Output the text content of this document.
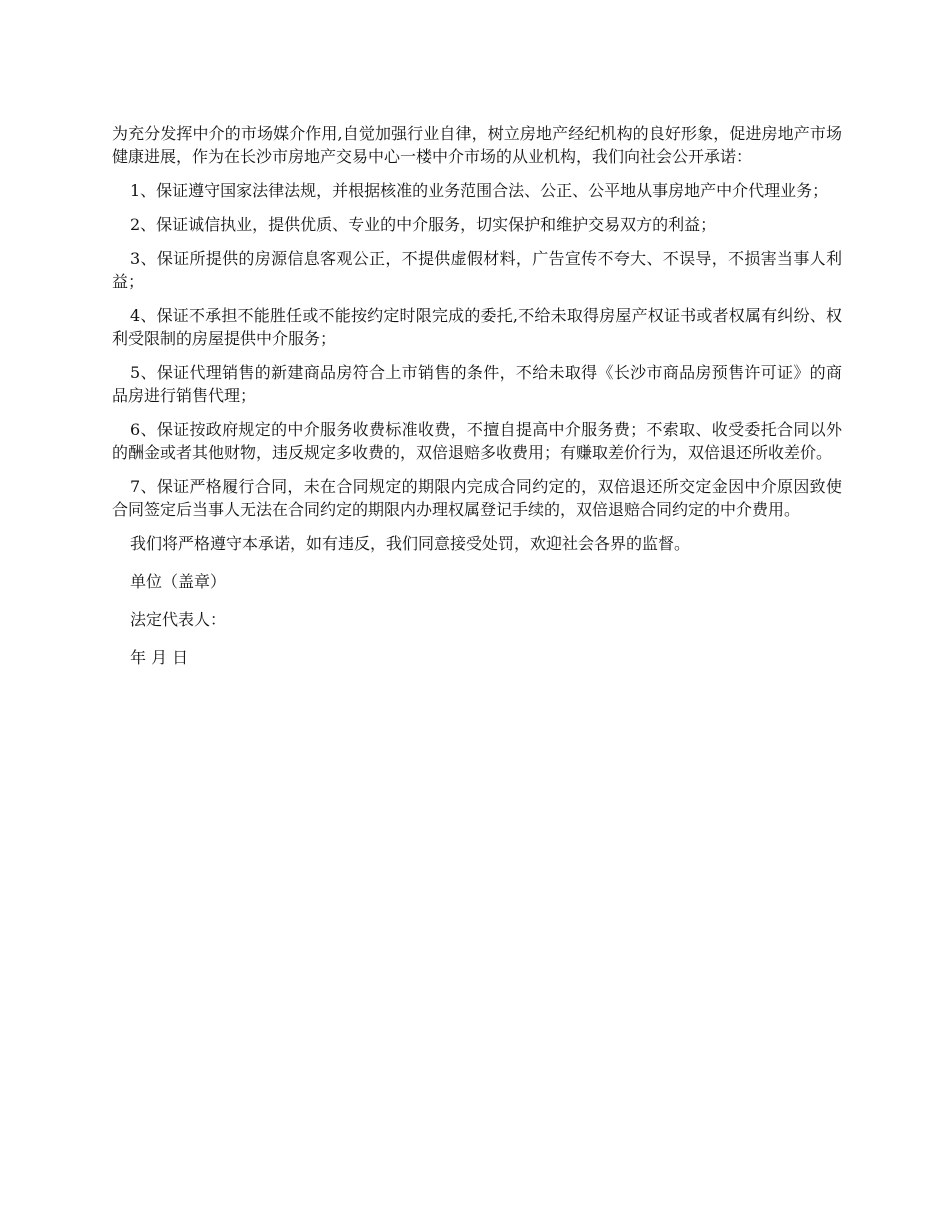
为充分发挥中介的市场媒介作用,自觉加强行业自律，树立房地产经纪机构的良好形象，促进房地产市场健康进展，作为在长沙市房地产交易中心一楼中介市场的从业机构，我们向社会公开承诺：

1、保证遵守国家法律法规，并根据核准的业务范围合法、公正、公平地从事房地产中介代理业务；

2、保证诚信执业，提供优质、专业的中介服务，切实保护和维护交易双方的利益；

3、保证所提供的房源信息客观公正，不提供虚假材料，广告宣传不夸大、不误导，不损害当事人利益；

4、保证不承担不能胜任或不能按约定时限完成的委托,不给未取得房屋产权证书或者权属有纠纷、权利受限制的房屋提供中介服务；

5、保证代理销售的新建商品房符合上市销售的条件，不给未取得《长沙市商品房预售许可证》的商品房进行销售代理；

6、保证按政府规定的中介服务收费标准收费，不擅自提高中介服务费；不索取、收受委托合同以外的酬金或者其他财物，违反规定多收费的，双倍退赔多收费用；有赚取差价行为，双倍退还所收差价。

7、保证严格履行合同，未在合同规定的期限内完成合同约定的，双倍退还所交定金因中介原因致使合同签定后当事人无法在合同约定的期限内办理权属登记手续的，双倍退赔合同约定的中介费用。

我们将严格遵守本承诺，如有违反，我们同意接受处罚，欢迎社会各界的监督。

单位（盖章）

法定代表人：

年 月 日
